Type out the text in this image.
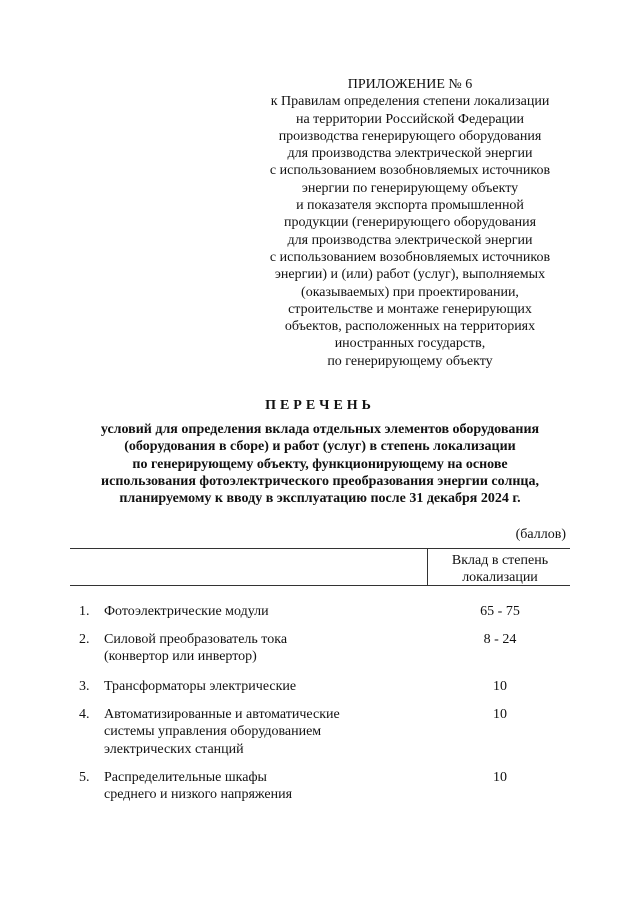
ПРИЛОЖЕНИЕ № 6
к Правилам определения степени локализации
на территории Российской Федерации
производства генерирующего оборудования
для производства электрической энергии
с использованием возобновляемых источников
энергии по генерирующему объекту
и показателя экспорта промышленной
продукции (генерирующего оборудования
для производства электрической энергии
с использованием возобновляемых источников
энергии) и (или) работ (услуг), выполняемых
(оказываемых) при проектировании,
строительстве и монтаже генерирующих
объектов, расположенных на территориях
иностранных государств,
по генерирующему объекту
ПЕРЕЧЕНЬ
условий для определения вклада отдельных элементов оборудования
(оборудования в сборе) и работ (услуг) в степень локализации
по генерирующему объекту, функционирующему на основе
использования фотоэлектрического преобразования энергии солнца,
планируемому к вводу в эксплуатацию после 31 декабря 2024 г.
(баллов)
Вклад в степень
локализации
1. Фотоэлектрические модули	65 - 75
2. Силовой преобразователь тока
(конвертор или инвертор)
8 - 24
3. Трансформаторы электрические	10
4. Автоматизированные и автоматические
системы управления оборудованием
электрических станций
10
5. Распределительные шкафы
среднего и низкого напряжения
10
